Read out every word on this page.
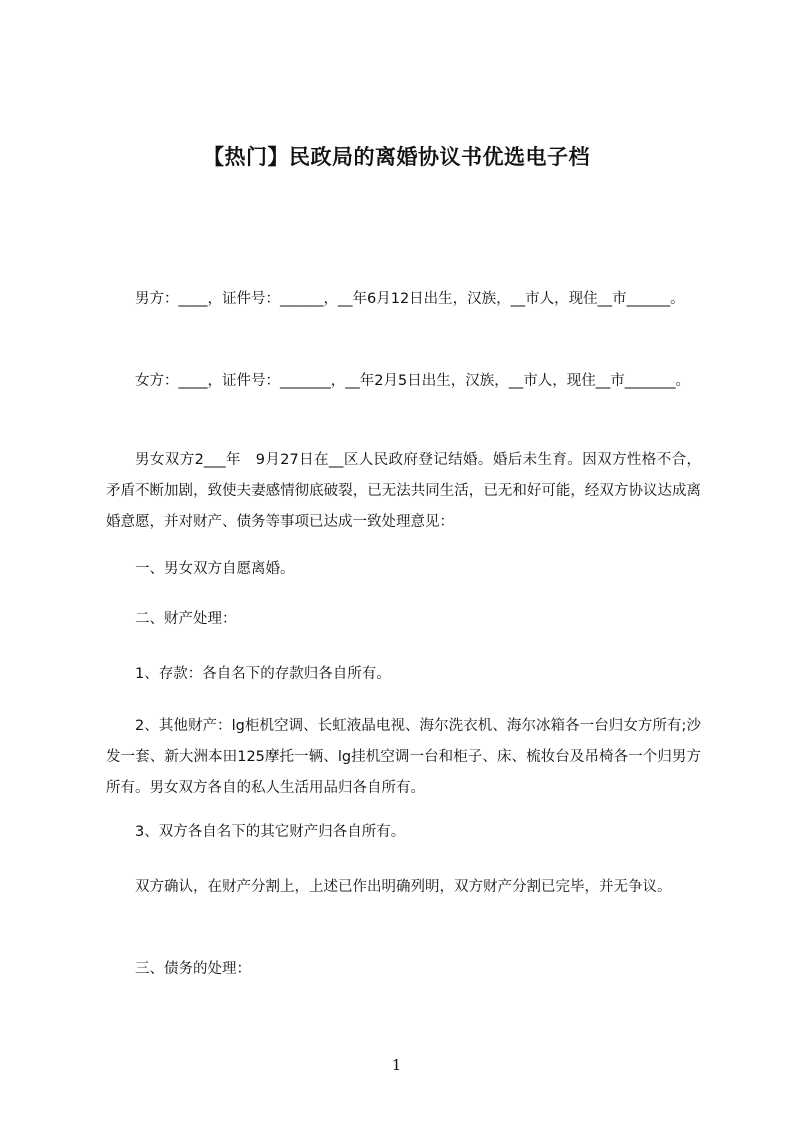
【热门】民政局的离婚协议书优选电子档

男方：____，证件号：______，__年6月12日出生，汉族，__市人，现住__市______。

女方：____，证件号：_______，__年2月5日出生，汉族，__市人，现住__市_______。

男女双方2___年　9月27日在__区人民政府登记结婚。婚后未生育。因双方性格不合，矛盾不断加剧，致使夫妻感情彻底破裂，已无法共同生活，已无和好可能，经双方协议达成离婚意愿，并对财产、债务等事项已达成一致处理意见：

一、男女双方自愿离婚。

二、财产处理：

1、存款：各自名下的存款归各自所有。

2、其他财产：lg柜机空调、长虹液晶电视、海尔洗衣机、海尔冰箱各一台归女方所有;沙发一套、新大洲本田125摩托一辆、lg挂机空调一台和柜子、床、梳妆台及吊椅各一个归男方所有。男女双方各自的私人生活用品归各自所有。

3、双方各自名下的其它财产归各自所有。

双方确认，在财产分割上，上述已作出明确列明，双方财产分割已完毕，并无争议。

三、债务的处理：

1
